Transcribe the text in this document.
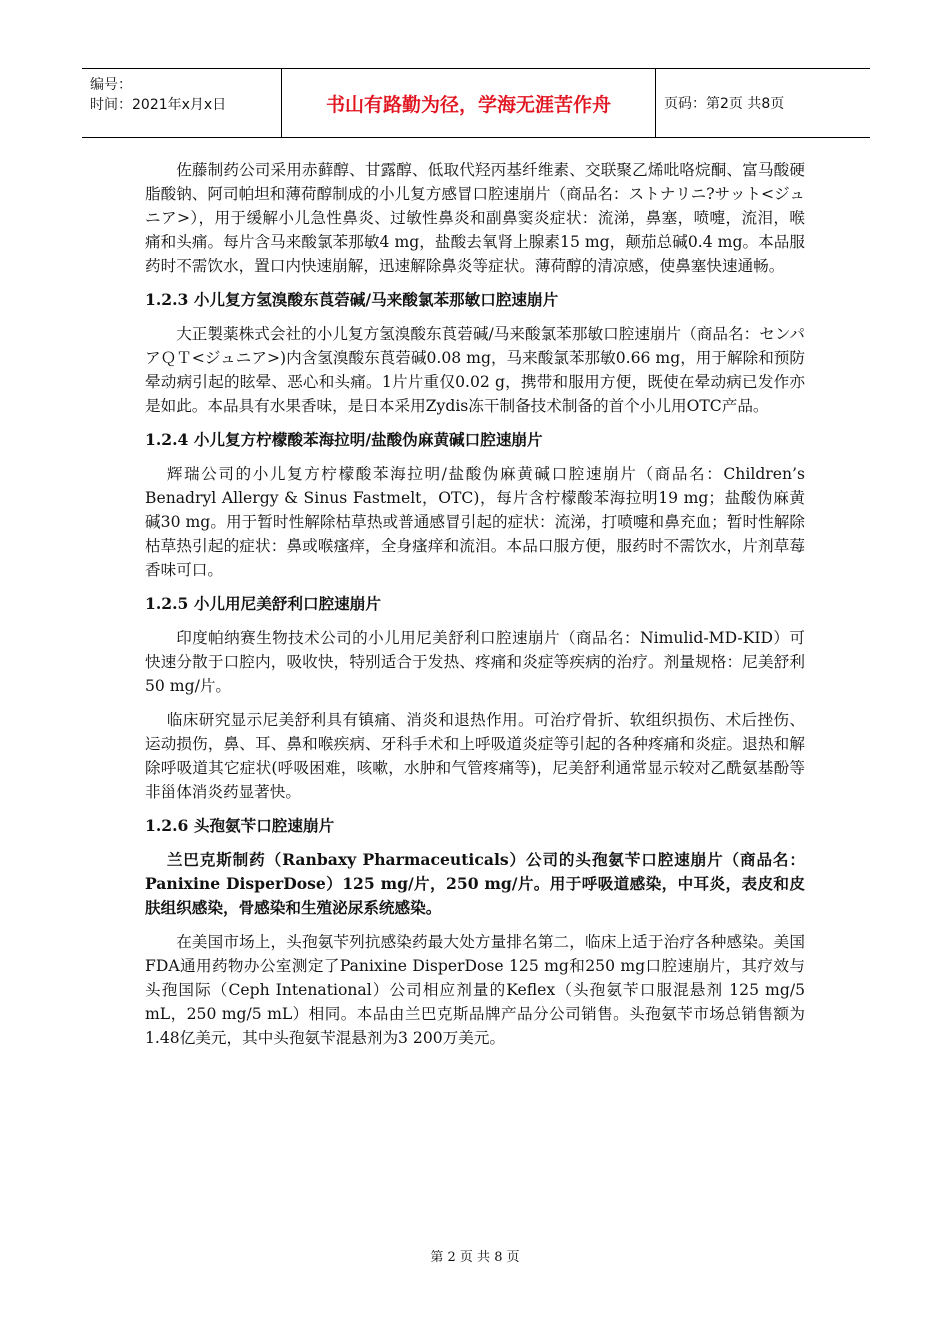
编号：
时间：2021年x月x日	书山有路勤为径，学海无涯苦作舟	页码：第2页 共8页

佐藤制药公司采用赤藓醇、甘露醇、低取代羟丙基纤维素、交联聚乙烯吡咯烷酮、富马酸硬脂酸钠、阿司帕坦和薄荷醇制成的小儿复方感冒口腔速崩片（商品名：ストナリニ?サット<ジュニア>），用于缓解小儿急性鼻炎、过敏性鼻炎和副鼻窦炎症状：流涕，鼻塞，喷嚏，流泪，喉痛和头痛。每片含马来酸氯苯那敏4 mg，盐酸去氧肾上腺素15 mg，颠茄总碱0.4 mg。本品服药时不需饮水，置口内快速崩解，迅速解除鼻炎等症状。薄荷醇的清凉感，使鼻塞快速通畅。

1.2.3 小儿复方氢溴酸东莨菪碱/马来酸氯苯那敏口腔速崩片

大正製薬株式会社的小儿复方氢溴酸东莨菪碱/马来酸氯苯那敏口腔速崩片（商品名：センパアＱＴ<ジュニア>)内含氢溴酸东莨菪碱0.08 mg，马来酸氯苯那敏0.66 mg，用于解除和预防晕动病引起的眩晕、恶心和头痛。1片片重仅0.02 g，携带和服用方便，既使在晕动病已发作亦是如此。本品具有水果香味，是日本采用Zydis冻干制备技术制备的首个小儿用OTC产品。

1.2.4 小儿复方柠檬酸苯海拉明/盐酸伪麻黄碱口腔速崩片

辉瑞公司的小儿复方柠檬酸苯海拉明/盐酸伪麻黄碱口腔速崩片（商品名：Children’s Benadryl Allergy & Sinus Fastmelt，OTC)，每片含柠檬酸苯海拉明19 mg；盐酸伪麻黄碱30 mg。用于暂时性解除枯草热或普通感冒引起的症状：流涕，打喷嚏和鼻充血；暂时性解除枯草热引起的症状：鼻或喉瘙痒，全身瘙痒和流泪。本品口服方便，服药时不需饮水，片剂草莓香味可口。

1.2.5 小儿用尼美舒利口腔速崩片

印度帕纳赛生物技术公司的小儿用尼美舒利口腔速崩片（商品名：Nimulid-MD-KID）可快速分散于口腔内，吸收快，特别适合于发热、疼痛和炎症等疾病的治疗。剂量规格：尼美舒利50 mg/片。

临床研究显示尼美舒利具有镇痛、消炎和退热作用。可治疗骨折、软组织损伤、术后挫伤、运动损伤，鼻、耳、鼻和喉疾病、牙科手术和上呼吸道炎症等引起的各种疼痛和炎症。退热和解除呼吸道其它症状(呼吸困难，咳嗽，水肿和气管疼痛等)，尼美舒利通常显示较对乙酰氨基酚等非甾体消炎药显著快。

1.2.6 头孢氨苄口腔速崩片

兰巴克斯制药（Ranbaxy Pharmaceuticals）公司的头孢氨苄口腔速崩片（商品名：Panixine DisperDose）125 mg/片，250 mg/片。用于呼吸道感染，中耳炎，表皮和皮肤组织感染，骨感染和生殖泌尿系统感染。

在美国市场上，头孢氨苄列抗感染药最大处方量排名第二，临床上适于治疗各种感染。美国FDA通用药物办公室测定了Panixine DisperDose 125 mg和250 mg口腔速崩片，其疗效与头孢国际（Ceph Intenational）公司相应剂量的Keflex（头孢氨苄口服混悬剂 125 mg/5 mL，250 mg/5 mL）相同。本品由兰巴克斯品牌产品分公司销售。头孢氨苄市场总销售额为1.48亿美元，其中头孢氨苄混悬剂为3 200万美元。

第 2 页 共 8 页
